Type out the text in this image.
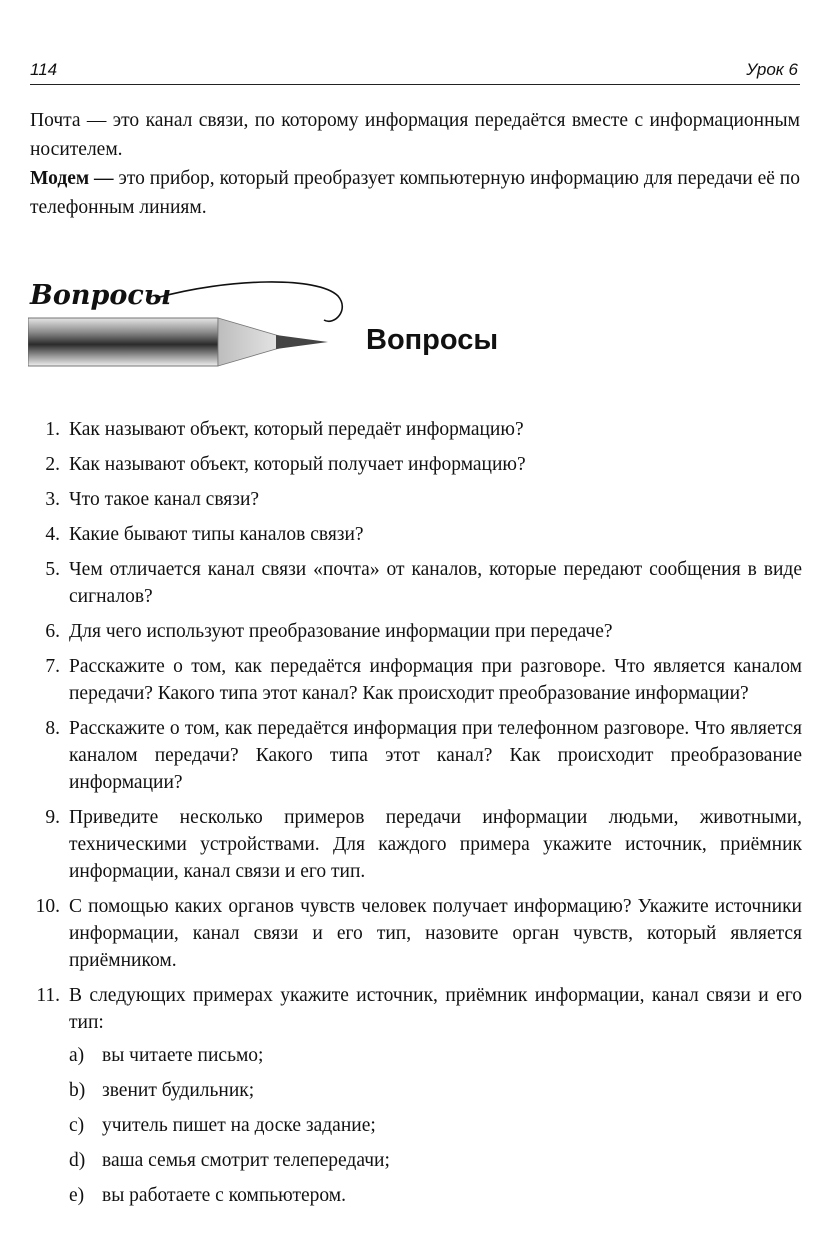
114	Урок 6

Почта — это канал связи, по которому информация передаётся вместе с информационным носителем.

Модем — это прибор, который преобразует компьютерную информацию для передачи её по телефонным линиям.

Вопросы
Вопросы
1. Как называют объект, который передаёт информацию?
2. Как называют объект, который получает информацию?
3. Что такое канал связи?
4. Какие бывают типы каналов связи?
5. Чем отличается канал связи «почта» от каналов, которые передают сообщения в виде сигналов?
6. Для чего используют преобразование информации при передаче?
7. Расскажите о том, как передаётся информация при разговоре. Что является каналом передачи? Какого типа этот канал? Как происходит преобразование информации?
8. Расскажите о том, как передаётся информация при телефонном разговоре. Что является каналом передачи? Какого типа этот канал? Как происходит преобразование информации?
9. Приведите несколько примеров передачи информации людьми, животными, техническими устройствами. Для каждого примера укажите источник, приёмник информации, канал связи и его тип.
10. С помощью каких органов чувств человек получает информацию? Укажите источники информации, канал связи и его тип, назовите орган чувств, который является приёмником.
11. В следующих примерах укажите источник, приёмник информации, канал связи и его тип:
a) вы читаете письмо;
b) звенит будильник;
c) учитель пишет на доске задание;
d) ваша семья смотрит телепередачи;
e) вы работаете с компьютером.
